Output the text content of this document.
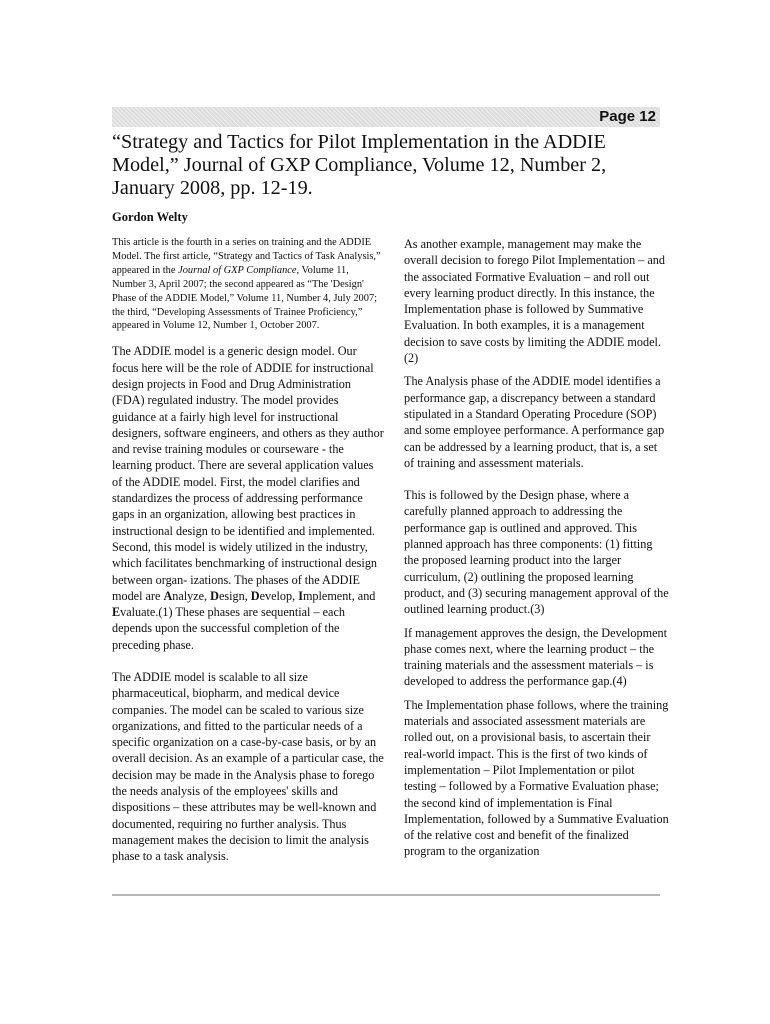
Page 12
“Strategy and Tactics for Pilot Implementation in the ADDIE Model,” Journal of GXP Compliance, Volume 12, Number 2, January 2008, pp. 12-19.
Gordon Welty

This article is the fourth in a series on training and the ADDIE Model. The first article, “Strategy and Tactics of Task Analysis,” appeared in the Journal of GXP Compliance, Volume 11, Number 3, April 2007; the second appeared as “The 'Design' Phase of the ADDIE Model,” Volume 11, Number 4, July 2007; the third, “Developing Assessments of Trainee Proficiency,” appeared in Volume 12, Number 1, October 2007.

The ADDIE model is a generic design model. Our focus here will be the role of ADDIE for instructional design projects in Food and Drug Administration (FDA) regulated industry. The model provides guidance at a fairly high level for instructional designers, software engineers, and others as they author and revise training modules or courseware - the learning product. There are several application values of the ADDIE model. First, the model clarifies and standardizes the process of addressing performance gaps in an organization, allowing best practices in instructional design to be identified and implemented. Second, this model is widely utilized in the industry, which facilitates benchmarking of instructional design between organ- izations. The phases of the ADDIE model are Analyze, Design, Develop, Implement, and Evaluate.(1) These phases are sequential – each depends upon the successful completion of the preceding phase.

The ADDIE model is scalable to all size pharmaceutical, biopharm, and medical device companies. The model can be scaled to various size organizations, and fitted to the particular needs of a specific organization on a case-by-case basis, or by an overall decision. As an example of a particular case, the decision may be made in the Analysis phase to forego the needs analysis of the employees' skills and dispositions – these attributes may be well-known and documented, requiring no further analysis. Thus management makes the decision to limit the analysis phase to a task analysis.

As another example, management may make the overall decision to forego Pilot Implementation – and the associated Formative Evaluation – and roll out every learning product directly. In this instance, the Implementation phase is followed by Summative Evaluation. In both examples, it is a management decision to save costs by limiting the ADDIE model.(2)

The Analysis phase of the ADDIE model identifies a performance gap, a discrepancy between a standard stipulated in a Standard Operating Procedure (SOP) and some employee performance. A performance gap can be addressed by a learning product, that is, a set of training and assessment materials.

This is followed by the Design phase, where a carefully planned approach to addressing the performance gap is outlined and approved. This planned approach has three components: (1) fitting the proposed learning product into the larger curriculum, (2) outlining the proposed learning product, and (3) securing management approval of the outlined learning product.(3)

If management approves the design, the Development phase comes next, where the learning product – the training materials and the assessment materials – is developed to address the performance gap.(4)

The Implementation phase follows, where the training materials and associated assessment materials are rolled out, on a provisional basis, to ascertain their real-world impact. This is the first of two kinds of implementation – Pilot Implementation or pilot testing – followed by a Formative Evaluation phase; the second kind of implementation is Final Implementation, followed by a Summative Evaluation of the relative cost and benefit of the finalized program to the organization
